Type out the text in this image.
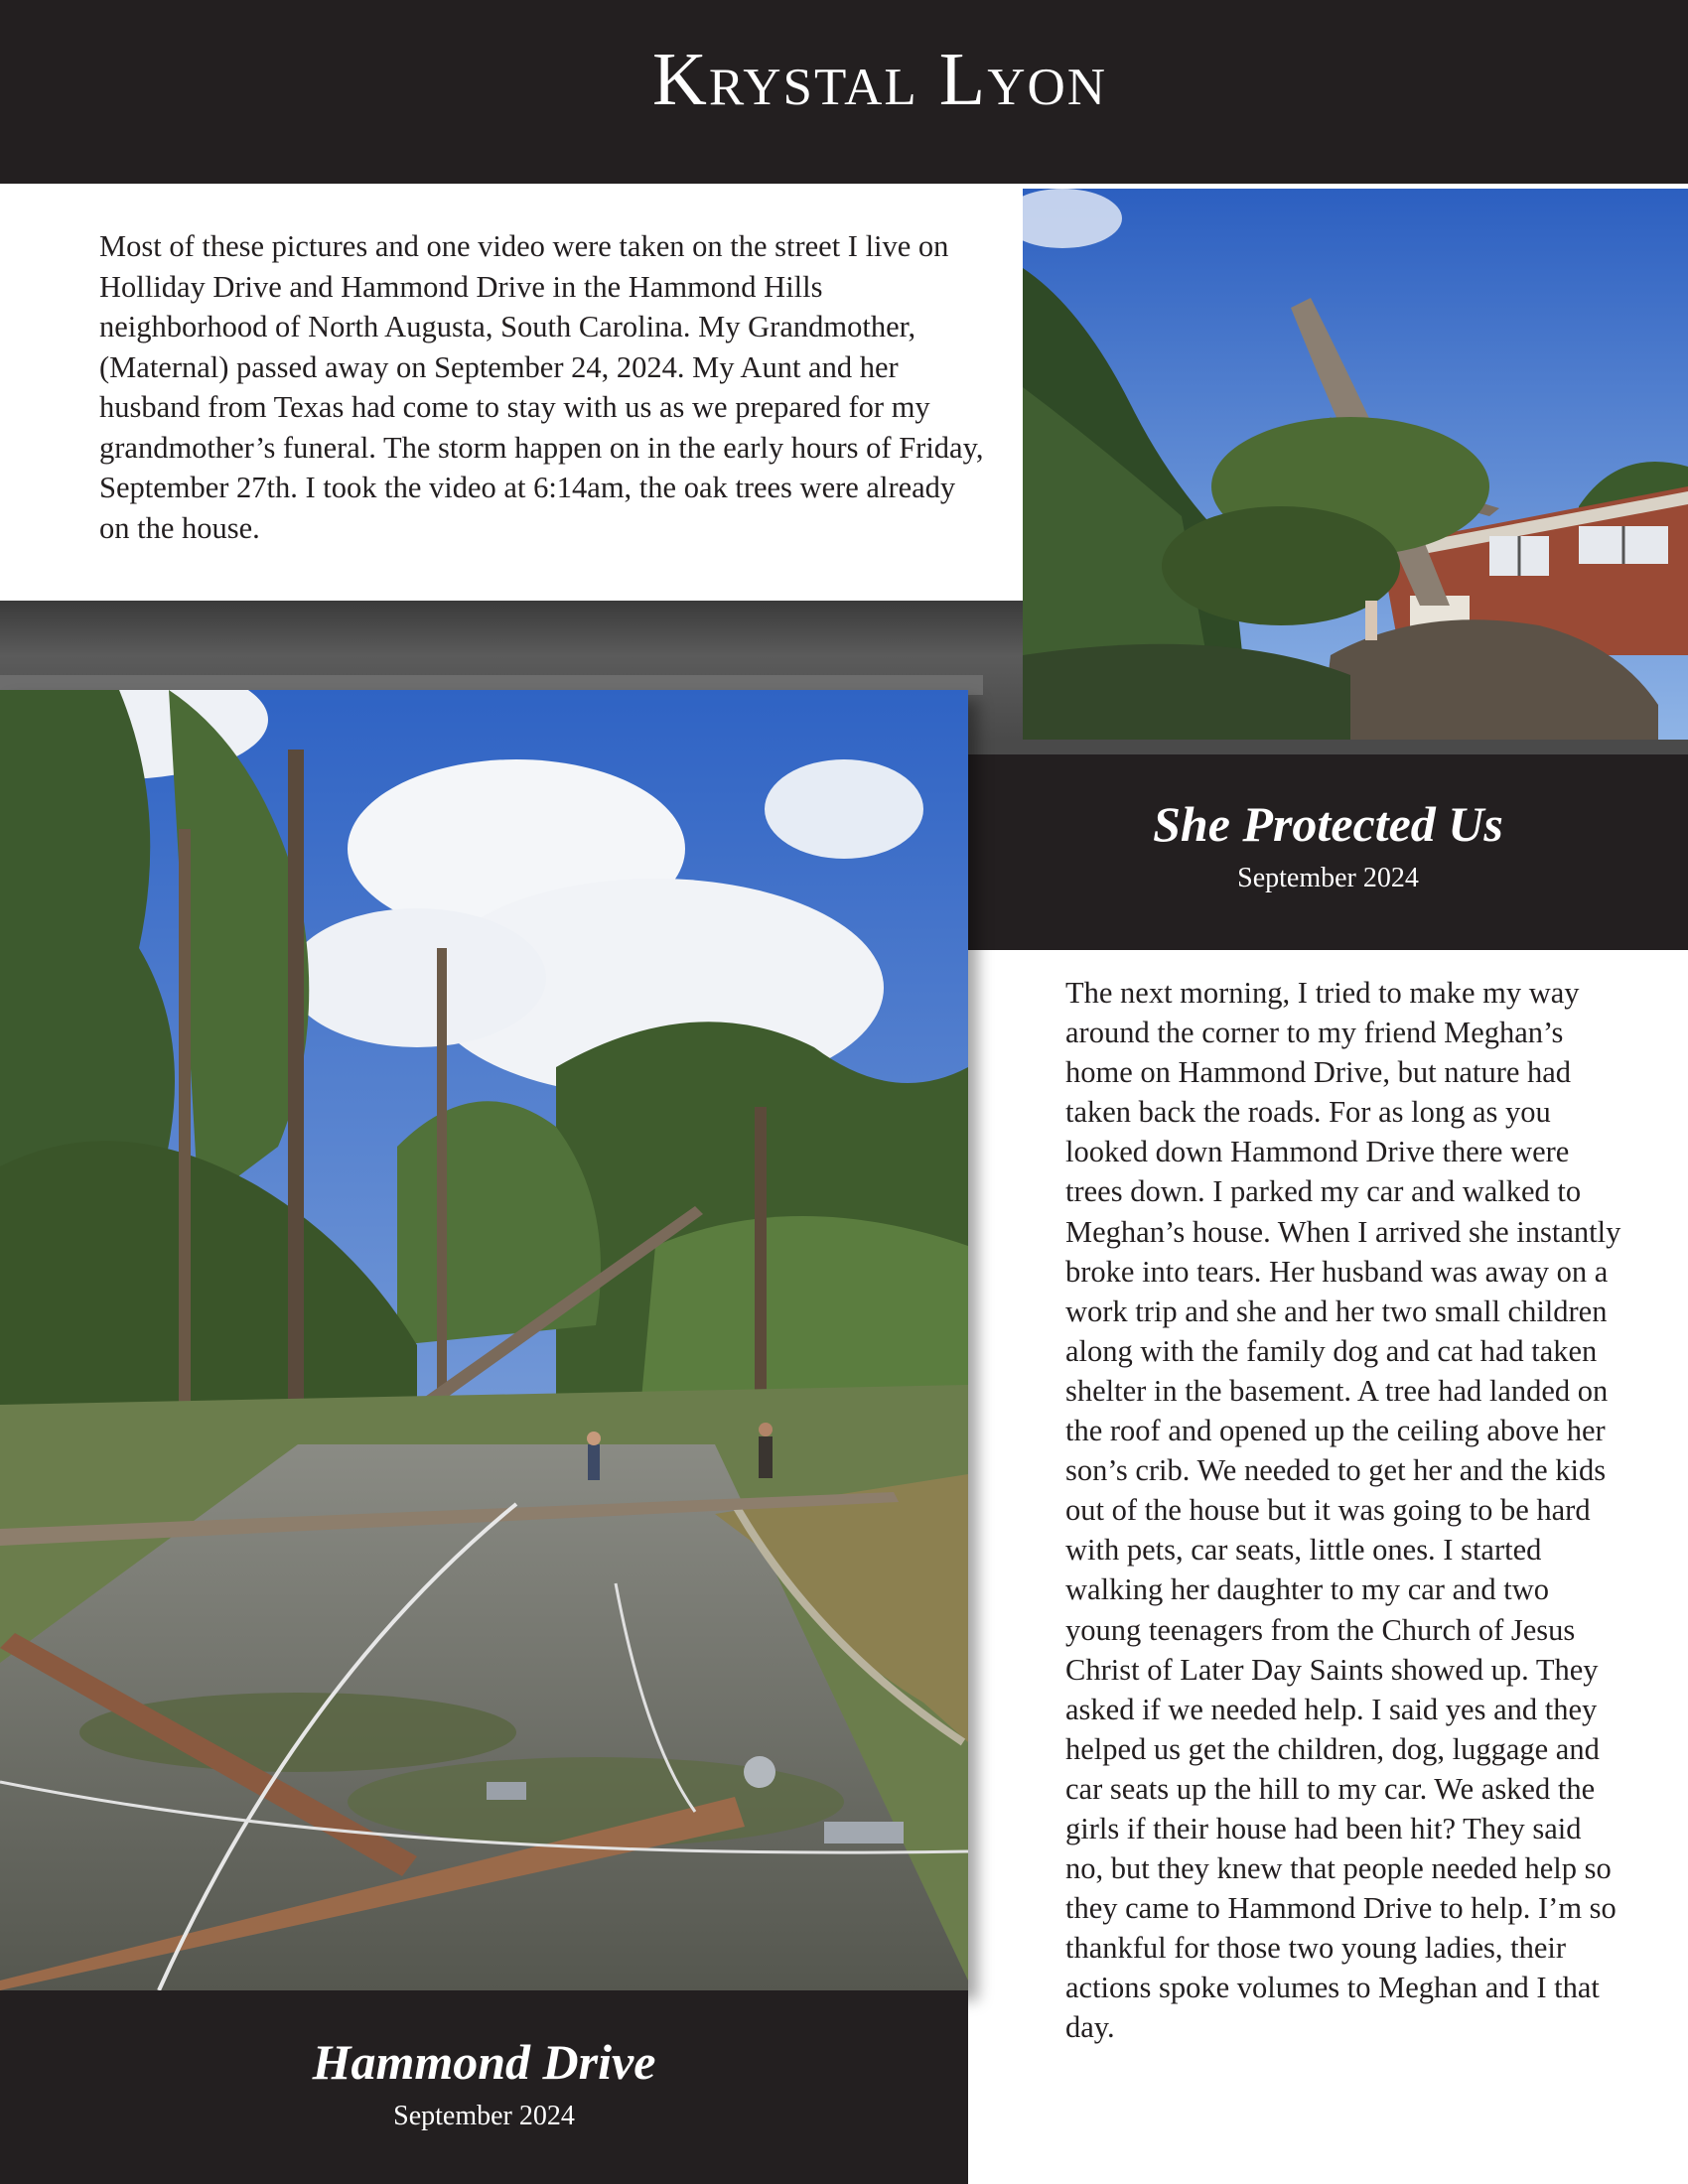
Krystal Lyon
Most of these pictures and one video were taken on the street I live on Holliday Drive and Hammond Drive in the Hammond Hills neighborhood of North Augusta, South Carolina. My Grandmother, (Maternal) passed away on September 24, 2024. My Aunt and her husband from Texas had come to stay with us as we prepared for my grandmother’s funeral. The storm happen on in the early hours of Friday, September 27th. I took the video at 6:14am, the oak trees were already on the house.
She Protected Us
September 2024
Hammond Drive
September 2024
The next morning, I tried to make my way around the corner to my friend Meghan’s home on Hammond Drive, but nature had taken back the roads. For as long as you looked down Hammond Drive there were trees down. I parked my car and walked to Meghan’s house. When I arrived she instantly broke into tears. Her husband was away on a work trip and she and her two small children along with the family dog and cat had taken shelter in the basement. A tree had landed on the roof and opened up the ceiling above her son’s crib. We needed to get her and the kids out of the house but it was going to be hard with pets, car seats, little ones. I started walking her daughter to my car and two young teenagers from the Church of Jesus Christ of Later Day Saints showed up. They asked if we needed help. I said yes and they helped us get the children, dog, luggage and car seats up the hill to my car. We asked the girls if their house had been hit? They said no, but they knew that people needed help so they came to Hammond Drive to help. I’m so thankful for those two young ladies, their actions spoke volumes to Meghan and I that day.
